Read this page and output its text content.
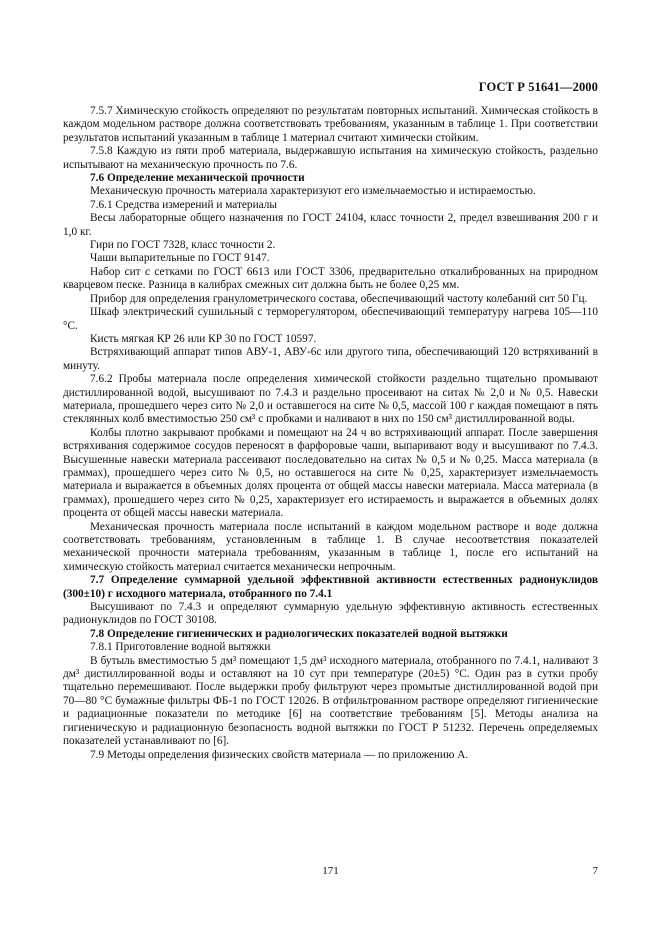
ГОСТ Р 51641—2000

7.5.7 Химическую стойкость определяют по результатам повторных испытаний. Химическая стойкость в каждом модельном растворе должна соответствовать требованиям, указанным в таблице 1. При соответствии результатов испытаний указанным в таблице 1 материал считают химически стойким.

7.5.8 Каждую из пяти проб материала, выдержавшую испытания на химическую стойкость, раздельно испытывают на механическую прочность по 7.6.

7.6 Определение механической прочности

Механическую прочность материала характеризуют его измельчаемостью и истираемостью.

7.6.1 Средства измерений и материалы

Весы лабораторные общего назначения по ГОСТ 24104, класс точности 2, предел взвешивания 200 г и 1,0 кг.

Гири по ГОСТ 7328, класс точности 2.

Чаши выпарительные по ГОСТ 9147.

Набор сит с сетками по ГОСТ 6613 или ГОСТ 3306, предварительно откалиброванных на природном кварцевом песке. Разница в калибрах смежных сит должна быть не более 0,25 мм.

Прибор для определения гранулометрического состава, обеспечивающий частоту колебаний сит 50 Гц.

Шкаф электрический сушильный с терморегулятором, обеспечивающий температуру нагрева 105—110 °С.

Кисть мягкая КР 26 или КР 30 по ГОСТ 10597.

Встряхивающий аппарат типов АВУ-1, АВУ-6с или другого типа, обеспечивающий 120 встряхиваний в минуту.

7.6.2 Пробы материала после определения химической стойкости раздельно тщательно промывают дистиллированной водой, высушивают по 7.4.3 и раздельно просеивают на ситах № 2,0 и № 0,5. Навески материала, прошедшего через сито № 2,0 и оставшегося на сите № 0,5, массой 100 г каждая помещают в пять стеклянных колб вместимостью 250 см³ с пробками и наливают в них по 150 см³ дистиллированной воды.

Колбы плотно закрывают пробками и помещают на 24 ч во встряхивающий аппарат. После завершения встряхивания содержимое сосудов переносят в фарфоровые чаши, выпаривают воду и высушивают по 7.4.3. Высушенные навески материала рассеивают последовательно на ситах № 0,5 и № 0,25. Масса материала (в граммах), прошедшего через сито № 0,5, но оставшегося на сите № 0,25, характеризует измельчаемость материала и выражается в объемных долях процента от общей массы навески материала. Масса материала (в граммах), прошедшего через сито № 0,25, характеризует его истираемость и выражается в объемных долях процента от общей массы навески материала.

Механическая прочность материала после испытаний в каждом модельном растворе и воде должна соответствовать требованиям, установленным в таблице 1. В случае несоответствия показателей механической прочности материала требованиям, указанным в таблице 1, после его испытаний на химическую стойкость материал считается механически непрочным.

7.7 Определение суммарной удельной эффективной активности естественных радионуклидов (300±10) г исходного материала, отобранного по 7.4.1

Высушивают по 7.4.3 и определяют суммарную удельную эффективную активность естественных радионуклидов по ГОСТ 30108.

7.8 Определение гигиенических и радиологических показателей водной вытяжки

7.8.1 Приготовление водной вытяжки

В бутыль вместимостью 5 дм³ помещают 1,5 дм³ исходного материала, отобранного по 7.4.1, наливают 3 дм³ дистиллированной воды и оставляют на 10 сут при температуре (20±5) °С. Один раз в сутки пробу тщательно перемешивают. После выдержки пробу фильтруют через промытые дистиллированной водой при 70—80 °С бумажные фильтры ФБ-1 по ГОСТ 12026. В отфильтрованном растворе определяют гигиенические и радиационные показатели по методике [6] на соответствие требованиям [5]. Методы анализа на гигиеническую и радиационную безопасность водной вытяжки по ГОСТ Р 51232. Перечень определяемых показателей устанавливают по [6].

7.9 Методы определения физических свойств материала — по приложению А.

171	7
